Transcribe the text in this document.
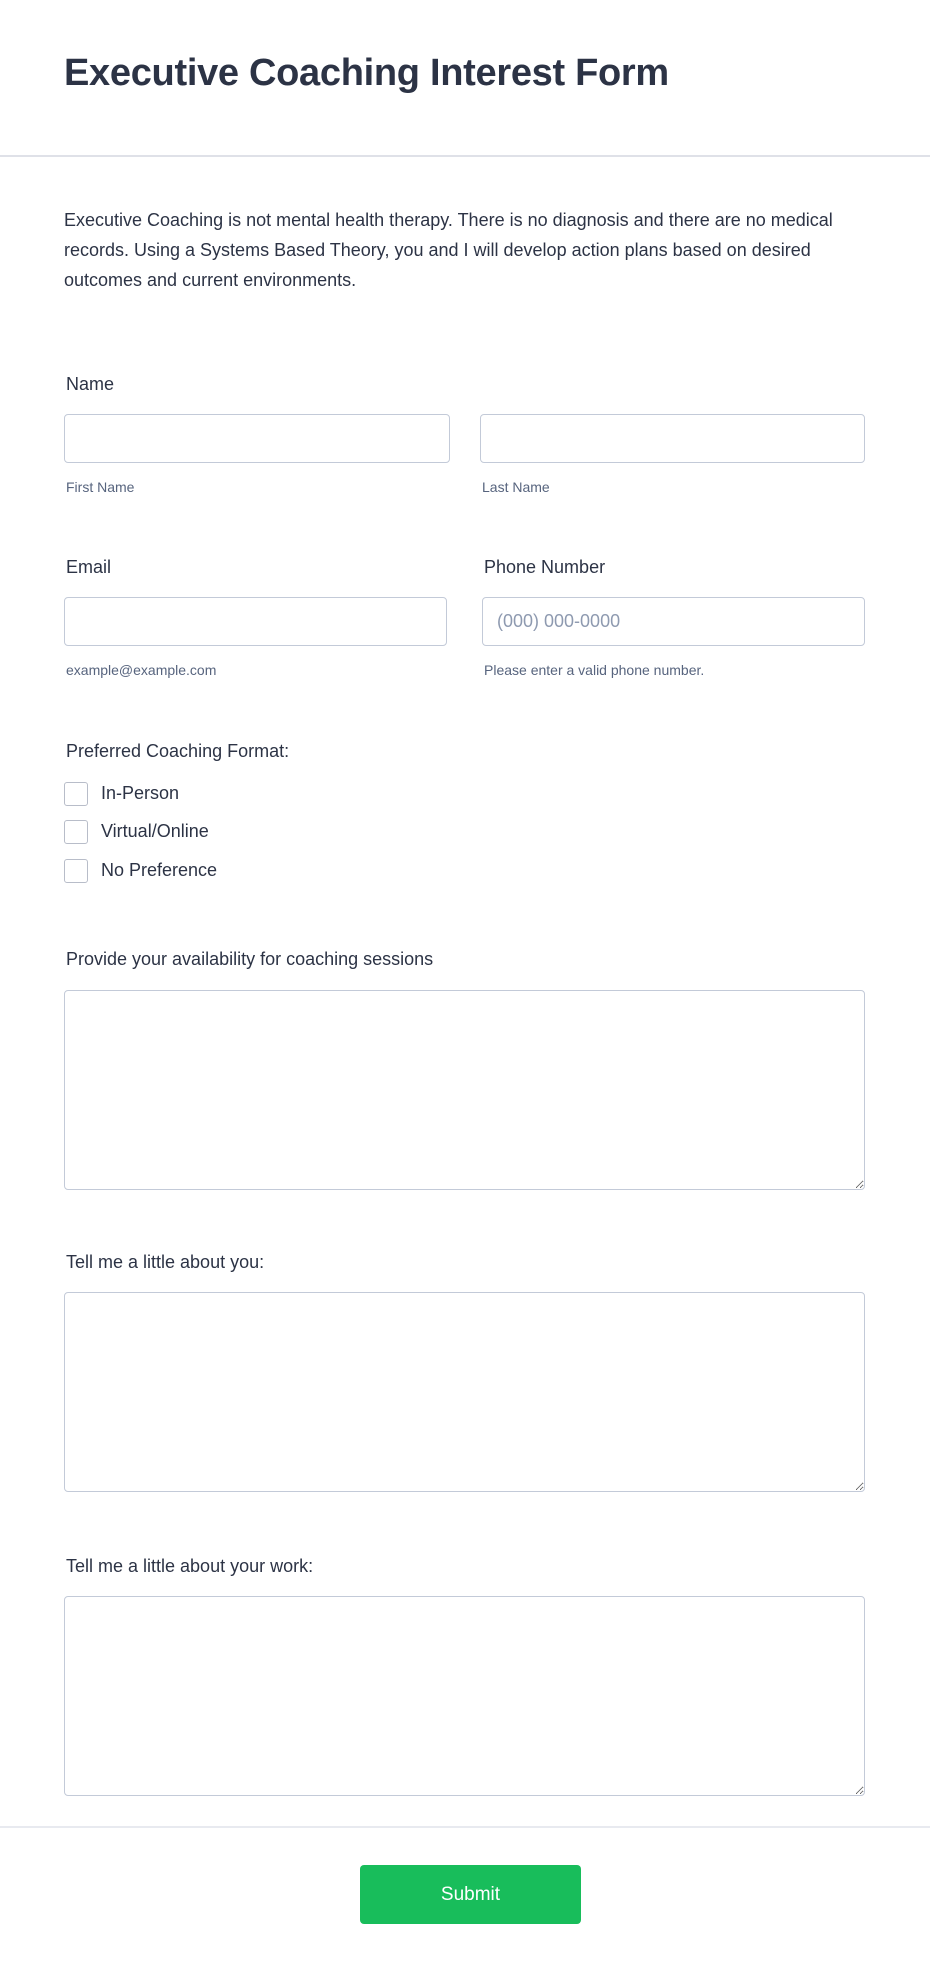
Executive Coaching Interest Form

Executive Coaching is not mental health therapy. There is no diagnosis and there are no medical records. Using a Systems Based Theory, you and I will develop action plans based on desired outcomes and current environments.

Name
First Name	Last Name
Email
example@example.com
Phone Number
(000) 000-0000
Please enter a valid phone number.
Preferred Coaching Format:
In-Person
Virtual/Online
No Preference
Provide your availability for coaching sessions
Tell me a little about you:
Tell me a little about your work:
Submit
